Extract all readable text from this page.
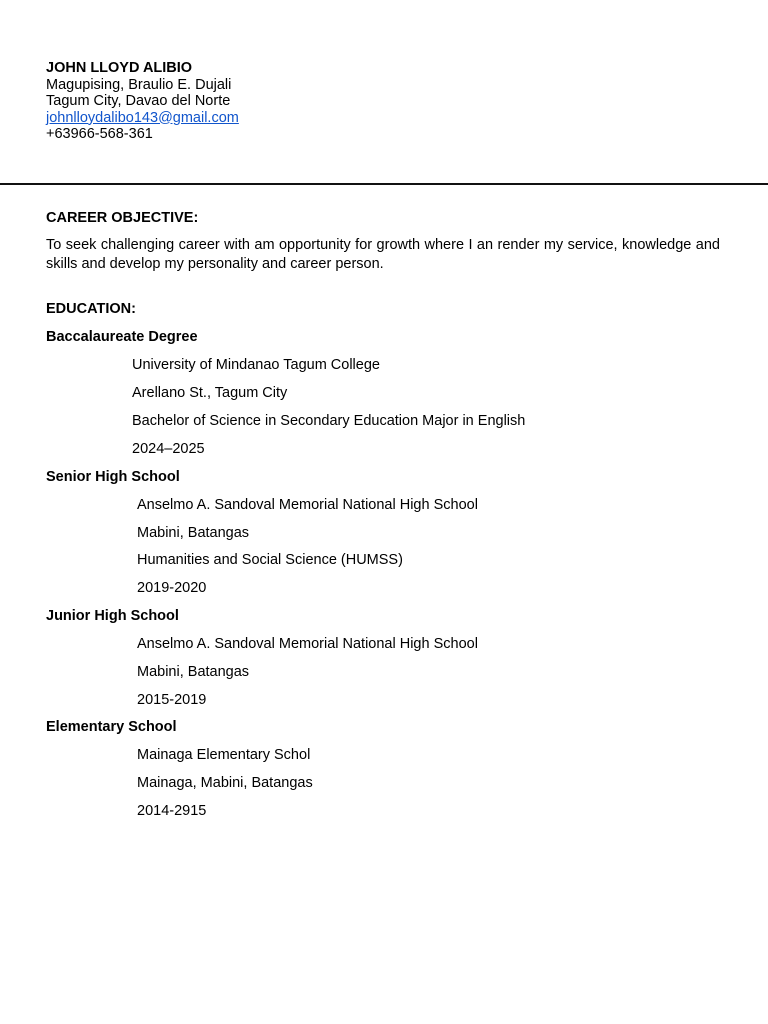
JOHN LLOYD ALIBIO
Magupising, Braulio E. Dujali
Tagum City, Davao del Norte
johnlloydalibo143@gmail.com
+63966-568-361
CAREER OBJECTIVE:
To seek challenging career with am opportunity for growth where I an render my service, knowledge and skills and develop my personality and career person.
EDUCATION:
Baccalaureate Degree
University of Mindanao Tagum College
Arellano St., Tagum City
Bachelor of Science in Secondary Education Major in English
2024–2025
Senior High School
Anselmo A. Sandoval Memorial National High School
Mabini, Batangas
Humanities and Social Science (HUMSS)
2019-2020
Junior High School
Anselmo A. Sandoval Memorial National High School
Mabini, Batangas
2015-2019
Elementary School
Mainaga Elementary Schol
Mainaga, Mabini, Batangas
2014-2915
